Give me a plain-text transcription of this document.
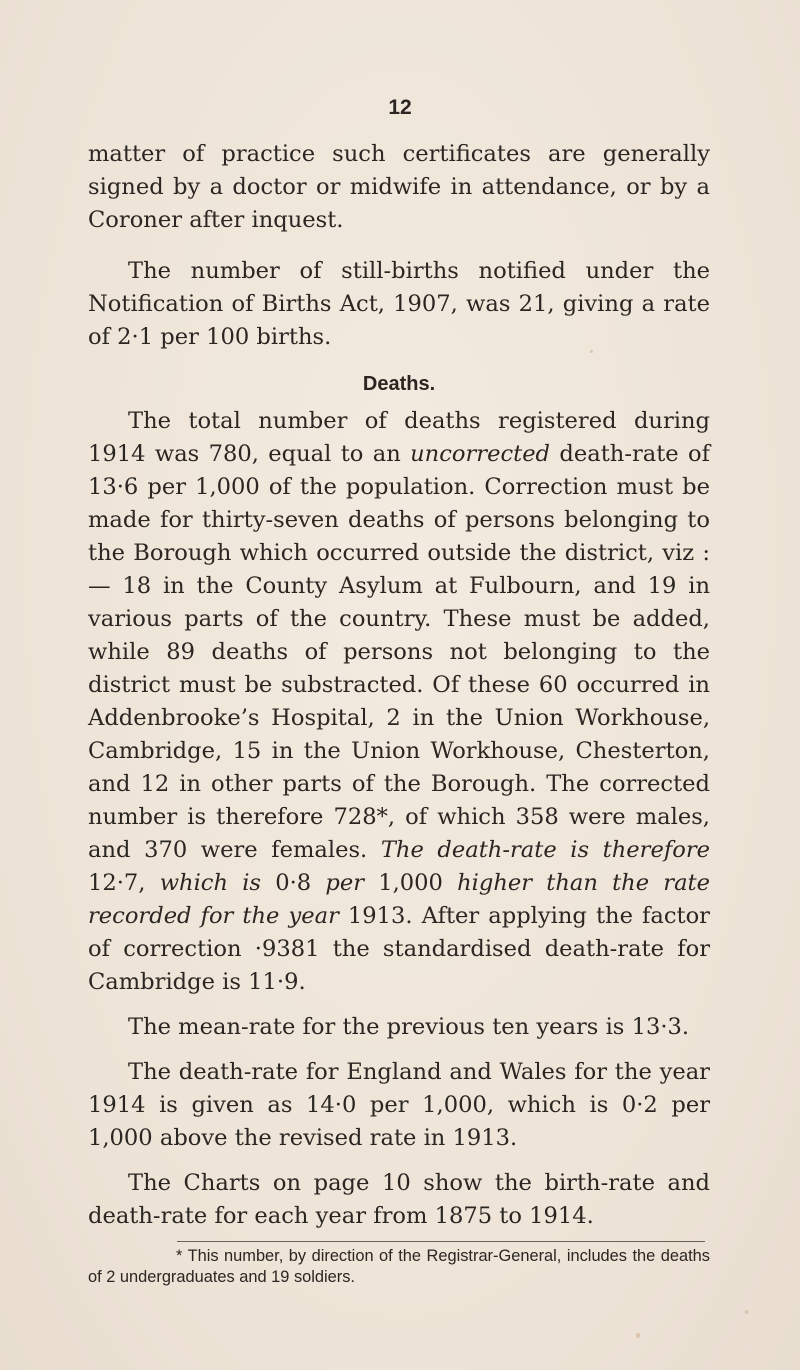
12

matter of practice such certificates are generally signed by a doctor or midwife in attendance, or by a Coroner after inquest.

The number of still-births notified under the Notification of Births Act, 1907, was 21, giving a rate of 2·1 per 100 births.

Deaths.

The total number of deaths registered during 1914 was 780, equal to an uncorrected death-rate of 13·6 per 1,000 of the population. Correction must be made for thirty-seven deaths of persons belonging to the Borough which occurred outside the district, viz :— 18 in the County Asylum at Fulbourn, and 19 in various parts of the country. These must be added, while 89 deaths of persons not belonging to the district must be substracted. Of these 60 occurred in Addenbrooke’s Hospital, 2 in the Union Workhouse, Cambridge, 15 in the Union Workhouse, Chesterton, and 12 in other parts of the Borough. The corrected number is therefore 728*, of which 358 were males, and 370 were females. The death-rate is therefore 12·7, which is 0·8 per 1,000 higher than the rate recorded for the year 1913. After applying the factor of correction ·9381 the standardised death-rate for Cambridge is 11·9.

The mean-rate for the previous ten years is 13·3.

The death-rate for England and Wales for the year 1914 is given as 14·0 per 1,000, which is 0·2 per 1,000 above the revised rate in 1913.

The Charts on page 10 show the birth-rate and death-rate for each year from 1875 to 1914.

* This number, by direction of the Registrar-General, includes the deaths of 2 undergraduates and 19 soldiers.
